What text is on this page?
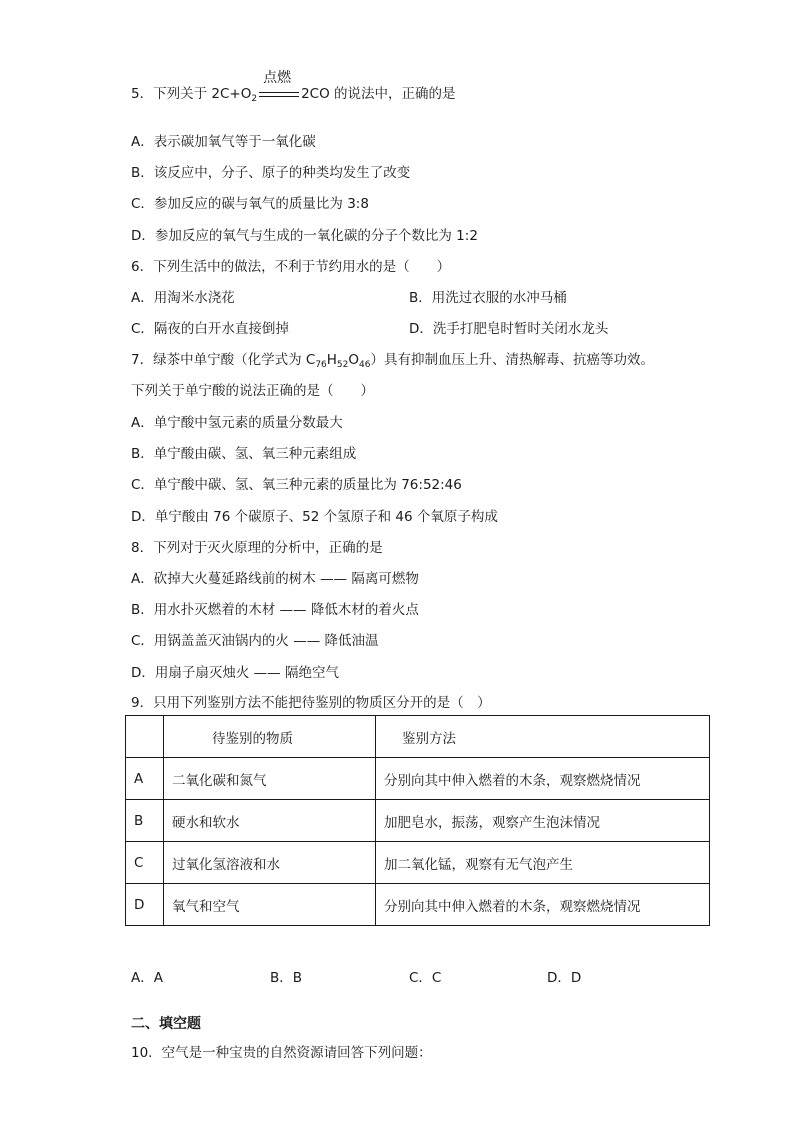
5．下列关于 $2C+O_2$
点燃
2CO 的说法中，正确的是
A．表示碳加氧气等于一氧化碳
B．该反应中，分子、原子的种类均发生了改变
C．参加反应的碳与氧气的质量比为 3:8
D．参加反应的氧气与生成的一氧化碳的分子个数比为 1:2
6．下列生活中的做法，不利于节约用水的是（　　）
A．用淘米水浇花	B．用洗过衣服的水冲马桶
C．隔夜的白开水直接倒掉	D．洗手打肥皂时暂时关闭水龙头
7．绿茶中单宁酸（化学式为 $C_{76}H_{52}O_{46}$）具有抑制血压上升、清热解毒、抗癌等功效。
下列关于单宁酸的说法正确的是（　　）
A．单宁酸中氢元素的质量分数最大
B．单宁酸由碳、氢、氧三种元素组成
C．单宁酸中碳、氢、氧三种元素的质量比为 76:52:46
D．单宁酸由 76 个碳原子、52 个氢原子和 46 个氧原子构成
8．下列对于灭火原理的分析中，正确的是
A．砍掉大火蔓延路线前的树木 —— 隔离可燃物
B．用水扑灭燃着的木材 —— 降低木材的着火点
C．用锅盖盖灭油锅内的火 —— 降低油温
D．用扇子扇灭烛火 —— 隔绝空气
9．只用下列鉴别方法不能把待鉴别的物质区分开的是（　）
	待鉴别的物质	鉴别方法
A	二氧化碳和氮气	分别向其中伸入燃着的木条，观察燃烧情况
B	硬水和软水	加肥皂水，振荡，观察产生泡沫情况
C	过氧化氢溶液和水	加二氧化锰，观察有无气泡产生
D	氧气和空气	分别向其中伸入燃着的木条，观察燃烧情况
A．A	B．B	C．C	D．D
二、填空题
10．空气是一种宝贵的自然资源请回答下列问题：
